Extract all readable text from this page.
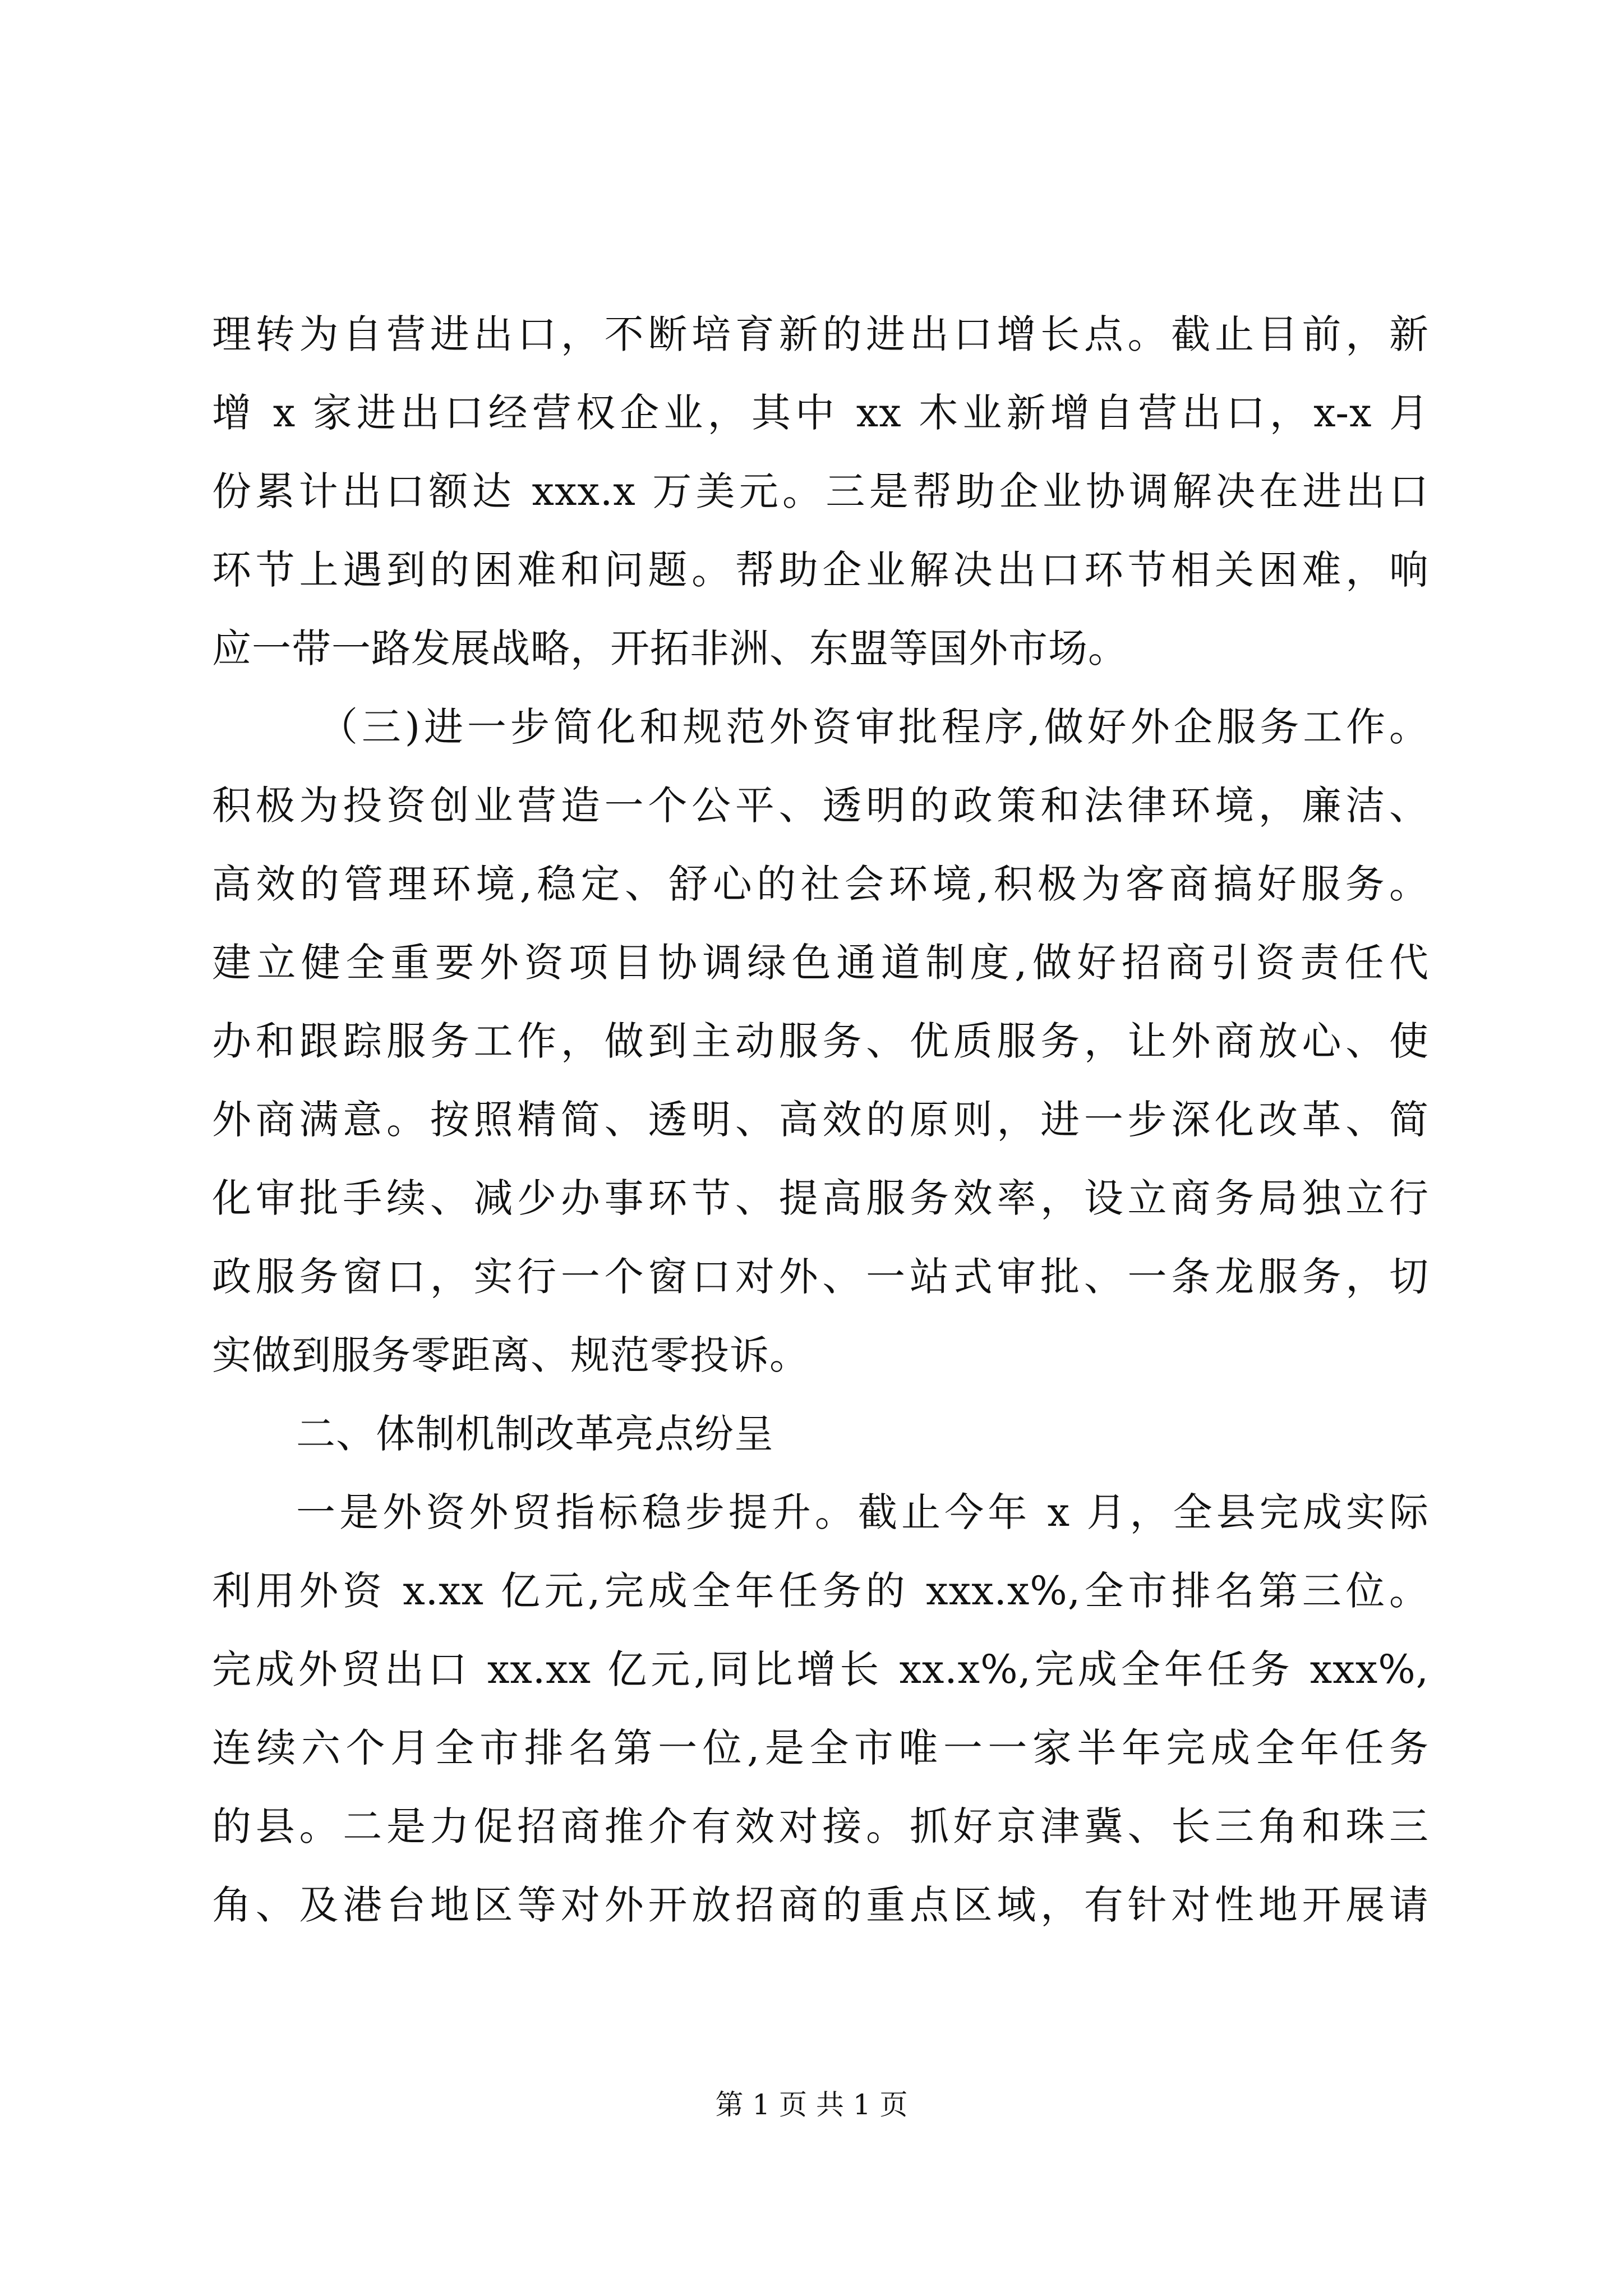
理转为自营进出口，不断培育新的进出口增长点。截止目前，新
增 x 家进出口经营权企业，其中 xx 木业新增自营出口，x-x 月
份累计出口额达 xxx.x 万美元。三是帮助企业协调解决在进出口
环节上遇到的困难和问题。帮助企业解决出口环节相关困难，响
应一带一路发展战略，开拓非洲、东盟等国外市场。
（三)进一步简化和规范外资审批程序,做好外企服务工作。
积极为投资创业营造一个公平、透明的政策和法律环境，廉洁、
高效的管理环境,稳定、舒心的社会环境,积极为客商搞好服务。
建立健全重要外资项目协调绿色通道制度,做好招商引资责任代
办和跟踪服务工作，做到主动服务、优质服务，让外商放心、使
外商满意。按照精简、透明、高效的原则，进一步深化改革、简
化审批手续、减少办事环节、提高服务效率，设立商务局独立行
政服务窗口，实行一个窗口对外、一站式审批、一条龙服务，切
实做到服务零距离、规范零投诉。
二、体制机制改革亮点纷呈
一是外资外贸指标稳步提升。截止今年 x 月，全县完成实际
利用外资 x.xx 亿元,完成全年任务的 xxx.x%,全市排名第三位。
完成外贸出口 xx.xx 亿元,同比增长 xx.x%,完成全年任务 xxx%,
连续六个月全市排名第一位,是全市唯一一家半年完成全年任务
的县。二是力促招商推介有效对接。抓好京津冀、长三角和珠三
角、及港台地区等对外开放招商的重点区域，有针对性地开展请
第 1 页 共 1 页
